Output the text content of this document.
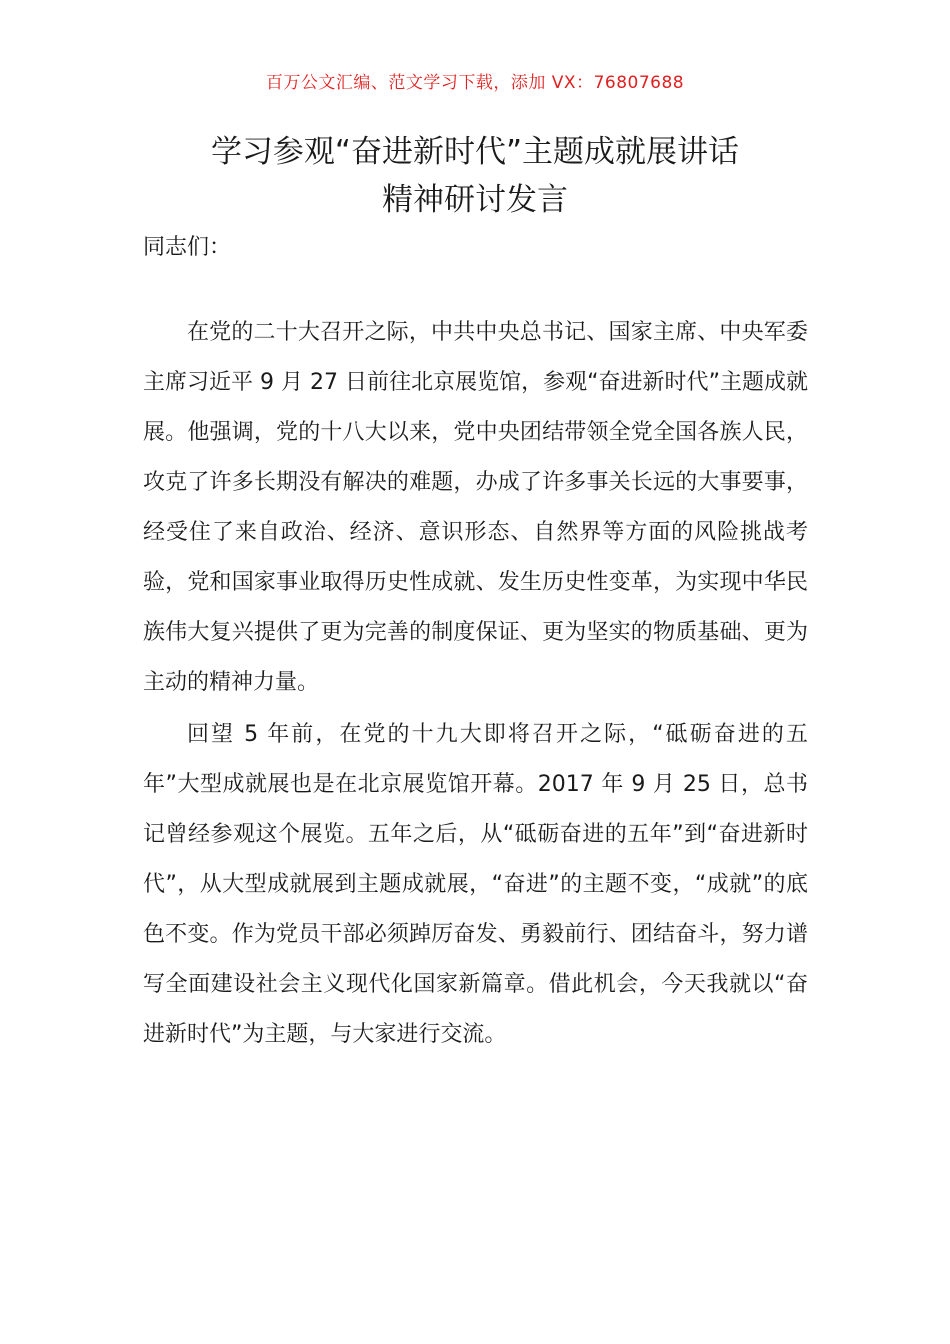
百万公文汇编、范文学习下载，添加 VX：76807688
学习参观“奋进新时代”主题成就展讲话
精神研讨发言

同志们：

在党的二十大召开之际，中共中央总书记、国家主席、中央军委主席习近平 9 月 27 日前往北京展览馆，参观“奋进新时代”主题成就展。他强调，党的十八大以来，党中央团结带领全党全国各族人民，攻克了许多长期没有解决的难题，办成了许多事关长远的大事要事，经受住了来自政治、经济、意识形态、自然界等方面的风险挑战考验，党和国家事业取得历史性成就、发生历史性变革，为实现中华民族伟大复兴提供了更为完善的制度保证、更为坚实的物质基础、更为主动的精神力量。

回望 5 年前，在党的十九大即将召开之际，“砥砺奋进的五年”大型成就展也是在北京展览馆开幕。2017 年 9 月 25 日，总书记曾经参观这个展览。五年之后，从“砥砺奋进的五年”到“奋进新时代”，从大型成就展到主题成就展，“奋进”的主题不变，“成就”的底色不变。作为党员干部必须踔厉奋发、勇毅前行、团结奋斗，努力谱写全面建设社会主义现代化国家新篇章。借此机会，今天我就以“奋进新时代”为主题，与大家进行交流。
